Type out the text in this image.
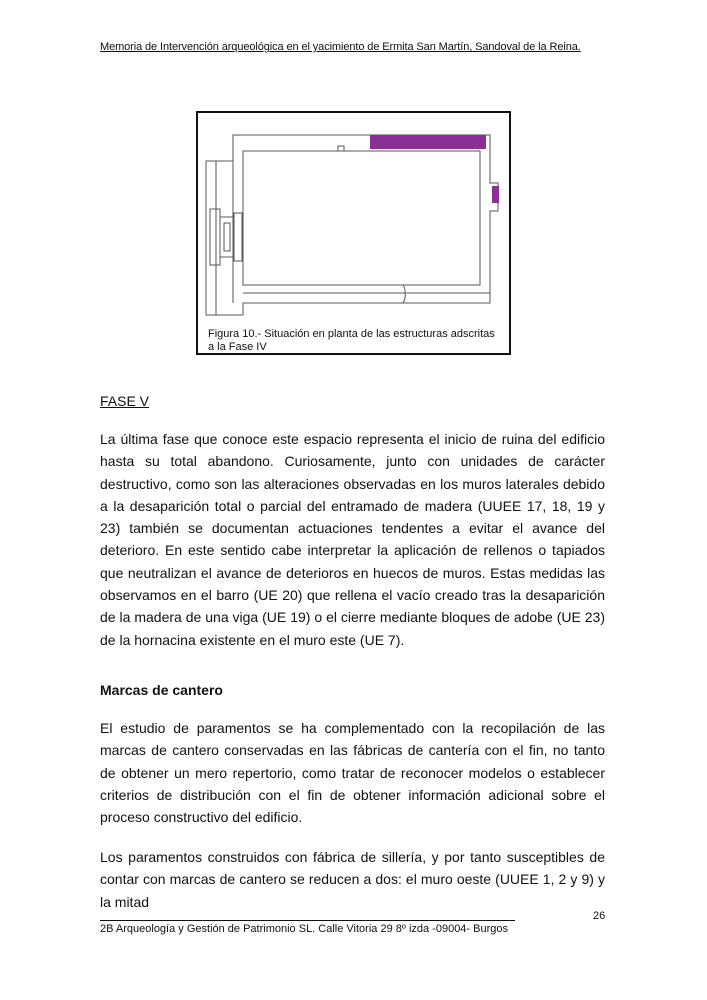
Memoria de Intervención arqueológica en el yacimiento de Ermita San Martín, Sandoval de la Reina.
Figura 10.- Situación en planta de las estructuras adscritas a la Fase IV
FASE V
La última fase que conoce este espacio representa el inicio de ruina del edificio hasta su total abandono. Curiosamente, junto con unidades de carácter destructivo, como son las alteraciones observadas en los muros laterales debido a la desaparición total o parcial del entramado de madera (UUEE 17, 18, 19 y 23) también se documentan actuaciones tendentes a evitar el avance del deterioro. En este sentido cabe interpretar la aplicación de rellenos o tapiados que neutralizan el avance de deterioros en huecos de muros. Estas medidas las observamos en el barro (UE 20) que rellena el vacío creado tras la desaparición de la madera de una viga (UE 19) o el cierre mediante bloques de adobe (UE 23) de la hornacina existente en el muro este (UE 7).
Marcas de cantero
El estudio de paramentos se ha complementado con la recopilación de las marcas de cantero conservadas en las fábricas de cantería con el fin, no tanto de obtener un mero repertorio, como tratar de reconocer modelos o establecer criterios de distribución con el fin de obtener información adicional sobre el proceso constructivo del edificio.
Los paramentos construidos con fábrica de sillería, y por tanto susceptibles de contar con marcas de cantero se reducen a dos: el muro oeste (UUEE 1, 2 y 9) y la mitad
26
2B Arqueología y Gestión de Patrimonio SL. Calle Vitoria 29 8º izda -09004- Burgos
